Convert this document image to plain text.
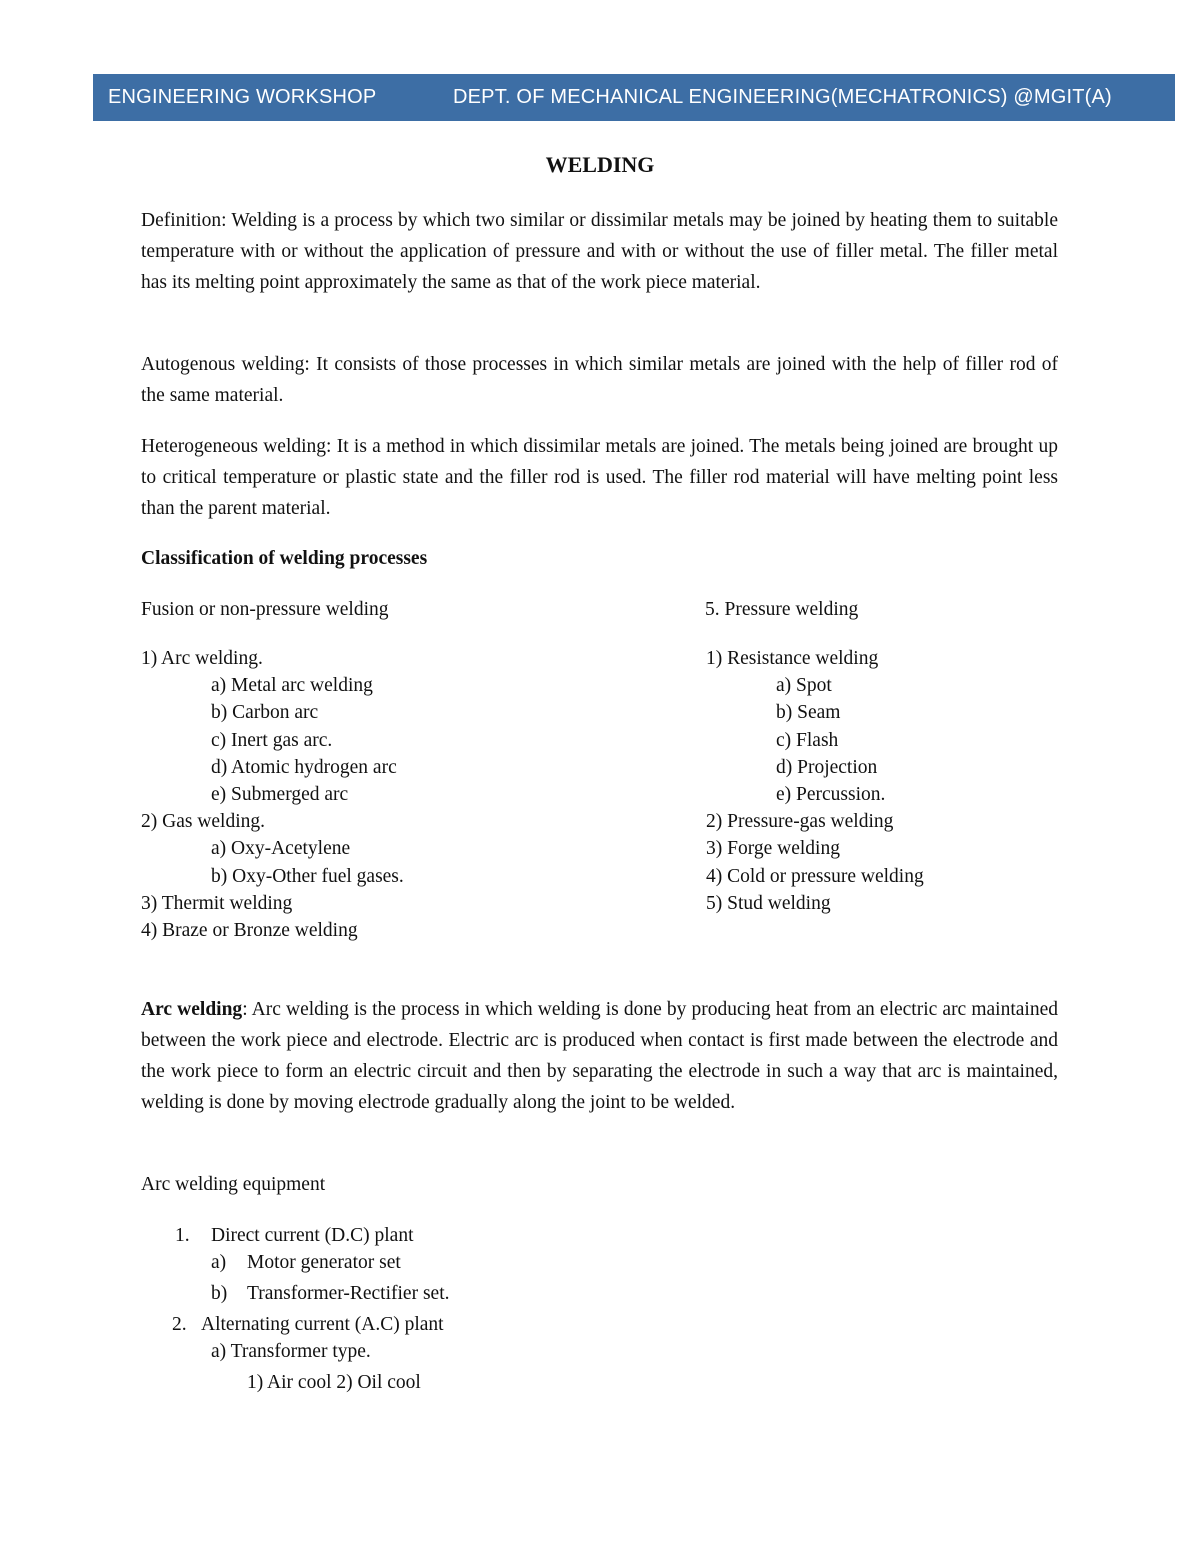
ENGINEERING WORKSHOP	DEPT. OF MECHANICAL ENGINEERING(MECHATRONICS) @MGIT(A)
WELDING

Definition: Welding is a process by which two similar or dissimilar metals may be joined by heating them to suitable temperature with or without the application of pressure and with or without the use of filler metal. The filler metal has its melting point approximately the same as that of the work piece material.

Autogenous welding: It consists of those processes in which similar metals are joined with the help of filler rod of the same material.

Heterogeneous welding: It is a method in which dissimilar metals are joined. The metals being joined are brought up to critical temperature or plastic state and the filler rod is used. The filler rod material will have melting point less than the parent material.

Classification of welding processes
Fusion or non-pressure welding	5. Pressure welding
1) Arc welding.
a) Metal arc welding
b) Carbon arc
c) Inert gas arc.
d) Atomic hydrogen arc
e) Submerged arc
2) Gas welding.
a) Oxy-Acetylene
b) Oxy-Other fuel gases.
3) Thermit welding
4) Braze or Bronze welding
1) Resistance welding
a) Spot
b) Seam
c) Flash
d) Projection
e) Percussion.
2) Pressure-gas welding
3) Forge welding
4) Cold or pressure welding
5) Stud welding

Arc welding: Arc welding is the process in which welding is done by producing heat from an electric arc maintained between the work piece and electrode. Electric arc is produced when contact is first made between the electrode and the work piece to form an electric circuit and then by separating the electrode in such a way that arc is maintained, welding is done by moving electrode gradually along the joint to be welded.

Arc welding equipment
1. Direct current (D.C) plant
a) Motor generator set
b) Transformer-Rectifier set.
2. Alternating current (A.C) plant
a) Transformer type.
1) Air cool 2) Oil cool
